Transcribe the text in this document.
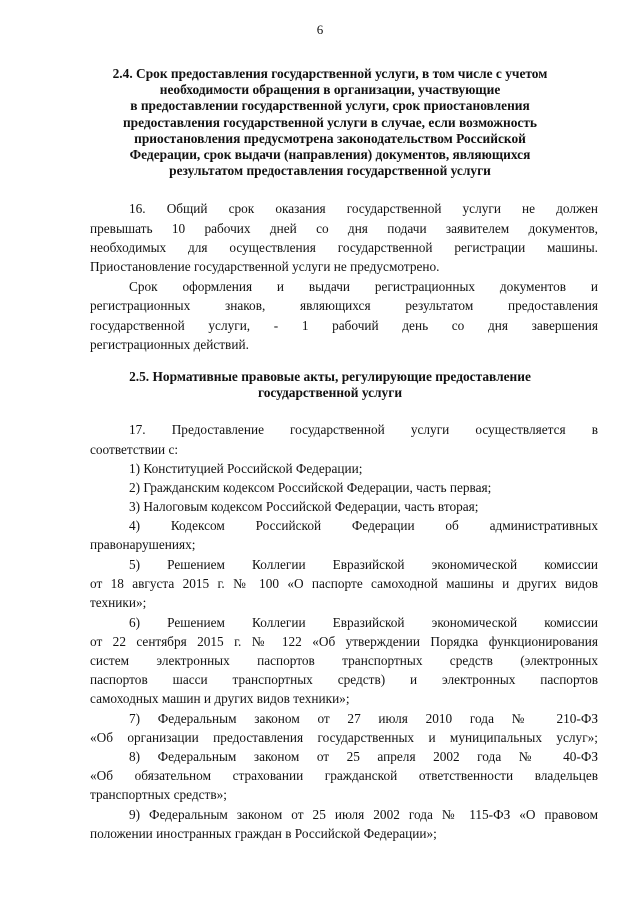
6
2.4. Срок предоставления государственной услуги, в том числе с учетом
необходимости обращения в организации, участвующие
в предоставлении государственной услуги, срок приостановления
предоставления государственной услуги в случае, если возможность
приостановления предусмотрена законодательством Российской
Федерации, срок выдачи (направления) документов, являющихся
результатом предоставления государственной услуги
16. Общий срок оказания государственной услуги не должен
превышать 10 рабочих дней со дня подачи заявителем документов,
необходимых для осуществления государственной регистрации машины.
Приостановление государственной услуги не предусмотрено.
Срок оформления и выдачи регистрационных документов и
регистрационных знаков, являющихся результатом предоставления
государственной услуги, - 1 рабочий день со дня завершения
регистрационных действий.
2.5. Нормативные правовые акты, регулирующие предоставление
государственной услуги
17. Предоставление государственной услуги осуществляется в
соответствии с:
1) Конституцией Российской Федерации;
2) Гражданским кодексом Российской Федерации, часть первая;
3) Налоговым кодексом Российской Федерации, часть вторая;
4) Кодексом Российской Федерации об административных
правонарушениях;
5) Решением Коллегии Евразийской экономической комиссии
от 18 августа 2015 г. № 100 «О паспорте самоходной машины и других видов
техники»;
6) Решением Коллегии Евразийской экономической комиссии
от 22 сентября 2015 г. № 122 «Об утверждении Порядка функционирования
систем электронных паспортов транспортных средств (электронных
паспортов шасси транспортных средств) и электронных паспортов
самоходных машин и других видов техники»;
7) Федеральным законом от 27 июля 2010 года № 210-ФЗ
«Об организации предоставления государственных и муниципальных услуг»;
8) Федеральным законом от 25 апреля 2002 года № 40-ФЗ
«Об обязательном страховании гражданской ответственности владельцев
транспортных средств»;
9) Федеральным законом от 25 июля 2002 года № 115-ФЗ «О правовом
положении иностранных граждан в Российской Федерации»;
